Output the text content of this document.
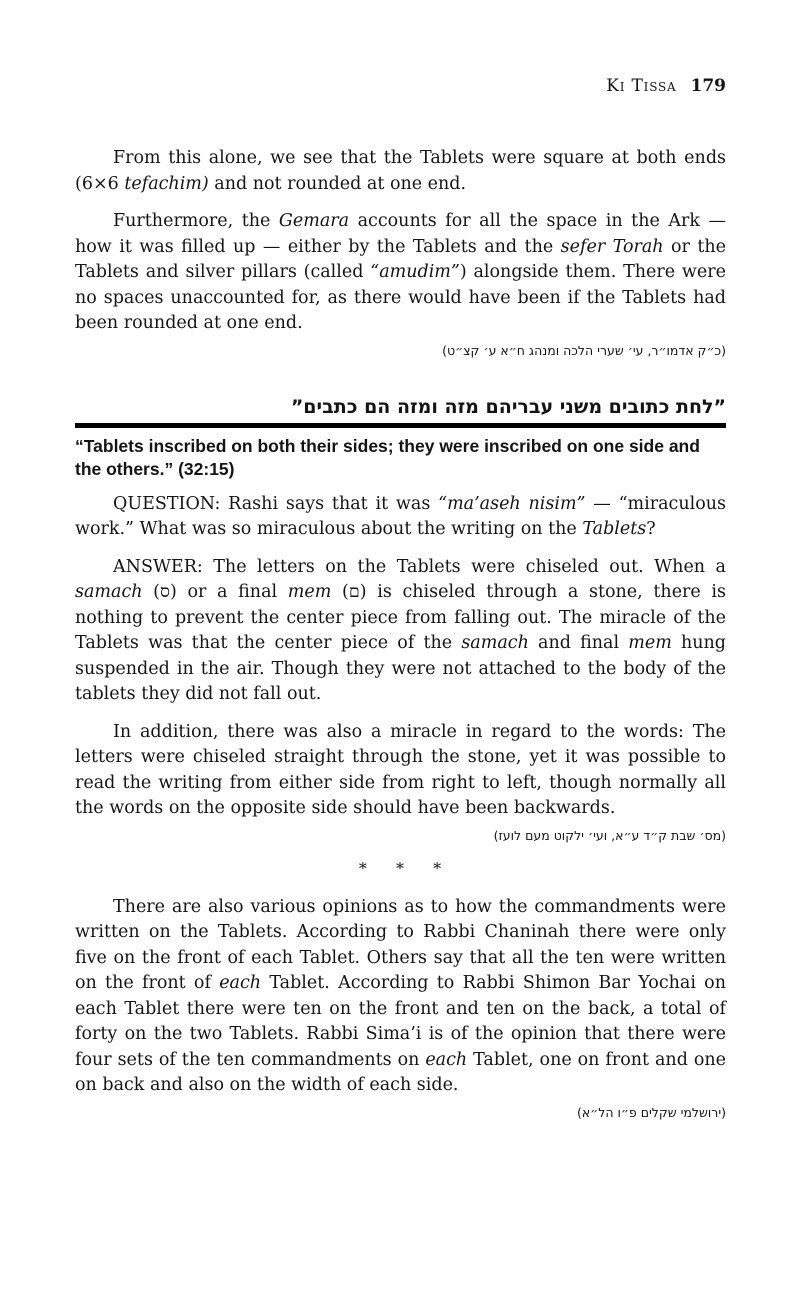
Ki Tissa 179

From this alone, we see that the Tablets were square at both ends (6×6 tefachim) and not rounded at one end.

Furthermore, the Gemara accounts for all the space in the Ark — how it was filled up — either by the Tablets and the sefer Torah or the Tablets and silver pillars (called “amudim”) alongside them. There were no spaces unaccounted for, as there would have been if the Tablets had been rounded at one end.

(כ״ק אדמו״ר, עי׳ שערי הלכה ומנהג ח״א ע׳ קצ״ט)
”לחת כתובים משני עבריהם מזה ומזה הם כתבים”
“Tablets inscribed on both their sides; they were inscribed on one side and the others.” (32:15)

QUESTION: Rashi says that it was “ma’aseh nisim” — “miraculous work.” What was so miraculous about the writing on the Tablets?

ANSWER: The letters on the Tablets were chiseled out. When a samach (ס) or a final mem (ם) is chiseled through a stone, there is nothing to prevent the center piece from falling out. The miracle of the Tablets was that the center piece of the samach and final mem hung suspended in the air. Though they were not attached to the body of the tablets they did not fall out.

In addition, there was also a miracle in regard to the words: The letters were chiseled straight through the stone, yet it was possible to read the writing from either side from right to left, though normally all the words on the opposite side should have been backwards.

(מס׳ שבת ק״ד ע״א, ועי׳ ילקוט מעם לועז)
* * *

There are also various opinions as to how the commandments were written on the Tablets. According to Rabbi Chaninah there were only five on the front of each Tablet. Others say that all the ten were written on the front of each Tablet. According to Rabbi Shimon Bar Yochai on each Tablet there were ten on the front and ten on the back, a total of forty on the two Tablets. Rabbi Sima’i is of the opinion that there were four sets of the ten commandments on each Tablet, one on front and one on back and also on the width of each side.

(ירושלמי שקלים פ״ו הל״א)
